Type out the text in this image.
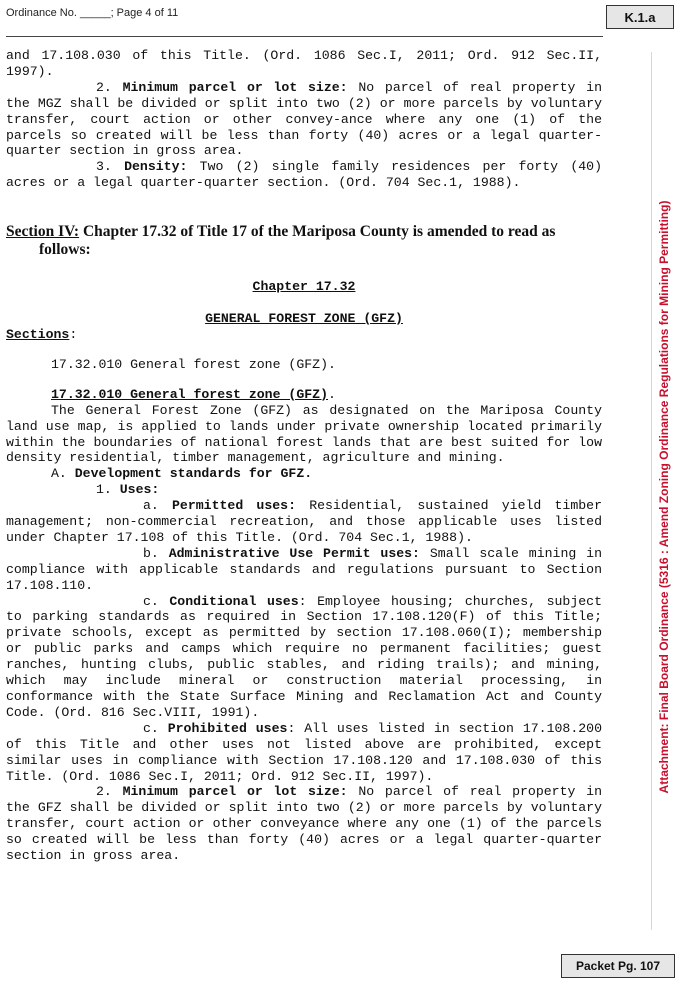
Ordinance No. _____; Page 4 of 11	K.1.a
Attachment: Final Board Ordinance (5316 : Amend Zoning Ordinance Regulations for Mining Permitting)

and 17.108.030 of this Title. (Ord. 1086 Sec.I, 2011; Ord. 912 Sec.II, 1997).

2. Minimum parcel or lot size: No parcel of real property in the MGZ shall be divided or split into two (2) or more parcels by voluntary transfer, court action or other convey-ance where any one (1) of the parcels so created will be less than forty (40) acres or a legal quarter-quarter section in gross area.

3. Density: Two (2) single family residences per forty (40) acres or a legal quarter-quarter section. (Ord. 704 Sec.1, 1988).

Section IV: Chapter 17.32 of Title 17 of the Mariposa County is amended to read as follows:

Chapter 17.32

GENERAL FOREST ZONE (GFZ)

Sections:

17.32.010 General forest zone (GFZ).

17.32.010 General forest zone (GFZ).

The General Forest Zone (GFZ) as designated on the Mariposa County land use map, is applied to lands under private ownership located primarily within the boundaries of national forest lands that are best suited for low density residential, timber management, agriculture and mining.

A. Development standards for GFZ.

1. Uses:

a. Permitted uses: Residential, sustained yield timber management; non-commercial recreation, and those applicable uses listed under Chapter 17.108 of this Title. (Ord. 704 Sec.1, 1988).

b. Administrative Use Permit uses: Small scale mining in compliance with applicable standards and regulations pursuant to Section 17.108.110.

c. Conditional uses: Employee housing; churches, subject to parking standards as required in Section 17.108.120(F) of this Title; private schools, except as permitted by section 17.108.060(I); membership or public parks and camps which require no permanent facilities; guest ranches, hunting clubs, public stables, and riding trails); and mining, which may include mineral or construction material processing, in conformance with the State Surface Mining and Reclamation Act and County Code. (Ord. 816 Sec.VIII, 1991).

c. Prohibited uses: All uses listed in section 17.108.200 of this Title and other uses not listed above are prohibited, except similar uses in compliance with Section 17.108.120 and 17.108.030 of this Title. (Ord. 1086 Sec.I, 2011; Ord. 912 Sec.II, 1997).

2. Minimum parcel or lot size: No parcel of real property in the GFZ shall be divided or split into two (2) or more parcels by voluntary transfer, court action or other conveyance where any one (1) of the parcels so created will be less than forty (40) acres or a legal quarter-quarter section in gross area.

Packet Pg. 107
